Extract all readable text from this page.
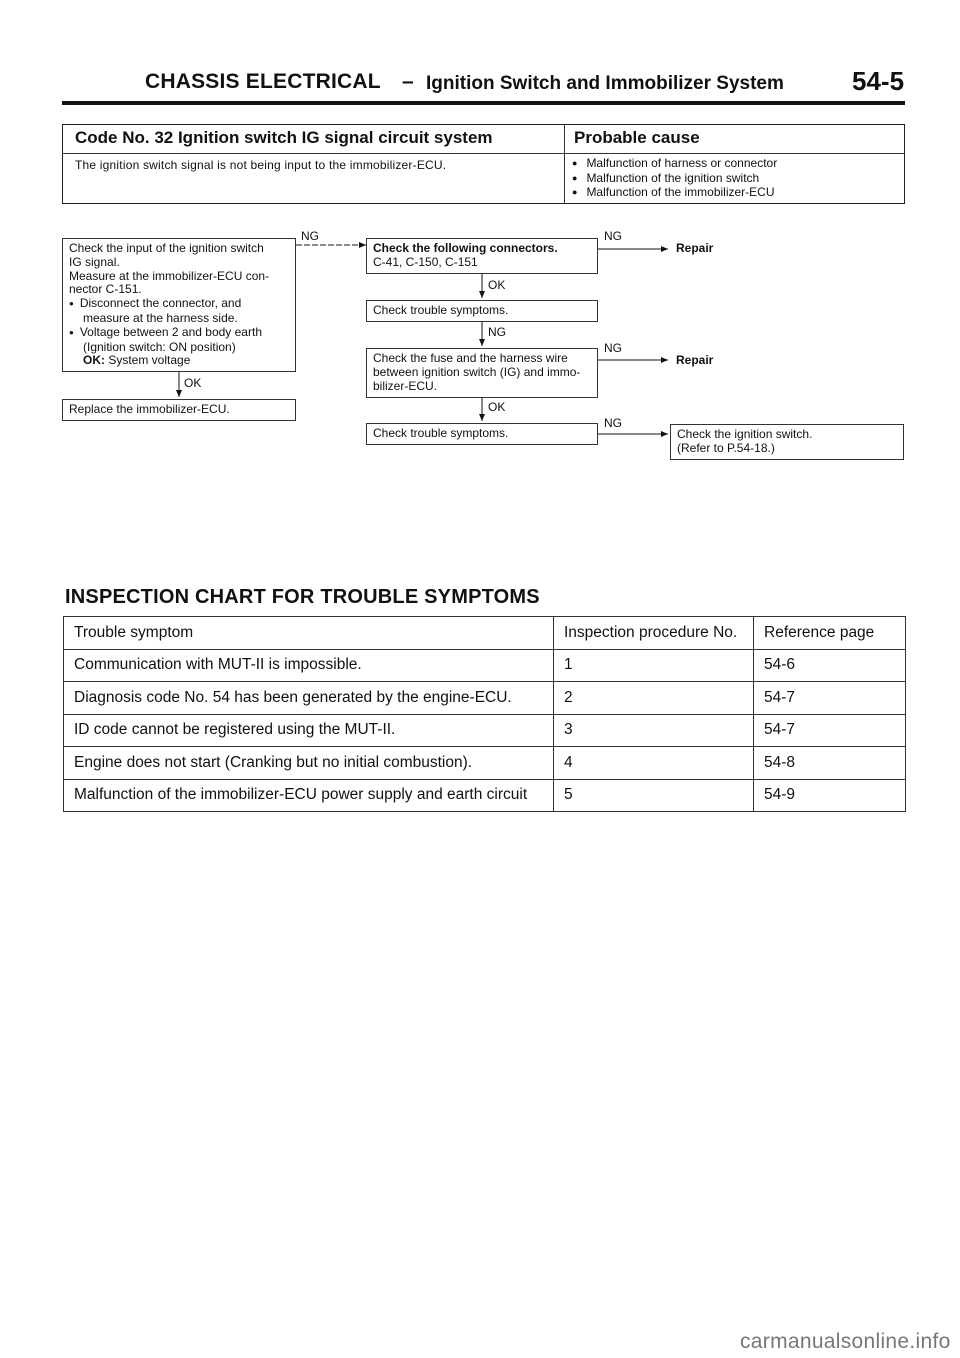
CHASSIS ELECTRICAL – Ignition Switch and Immobilizer System	54-5
Code No. 32 Ignition switch IG signal circuit system	Probable cause
The ignition switch signal is not being input to the immobilizer-ECU.	● Malfunction of harness or connector
● Malfunction of the ignition switch
● Malfunction of the immobilizer-ECU
Check the input of the ignition switch
IG signal.
Measure at the immobilizer-ECU con-
nector C-151.
● Disconnect the connector, and
measure at the harness side.
● Voltage between 2 and body earth
(Ignition switch: ON position)
OK: System voltage
Replace the immobilizer-ECU.
Check the following connectors.
C-41, C-150, C-151
Check trouble symptoms.
Check the fuse and the harness wire
between ignition switch (IG) and immo-
bilizer-ECU.
Check trouble symptoms.	Check the ignition switch.
(Refer to P.54-18.)
Repair
Repair
NG	NG
OK
NG
NG
OK
NG
OK
INSPECTION CHART FOR TROUBLE SYMPTOMS
Trouble symptom	Inspection procedure No.	Reference page
Communication with MUT-II is impossible.	1	54-6
Diagnosis code No. 54 has been generated by the engine-ECU.	2	54-7
ID code cannot be registered using the MUT-II.	3	54-7
Engine does not start (Cranking but no initial combustion).	4	54-8
Malfunction of the immobilizer-ECU power supply and earth circuit	5	54-9
carmanualsonline.info
